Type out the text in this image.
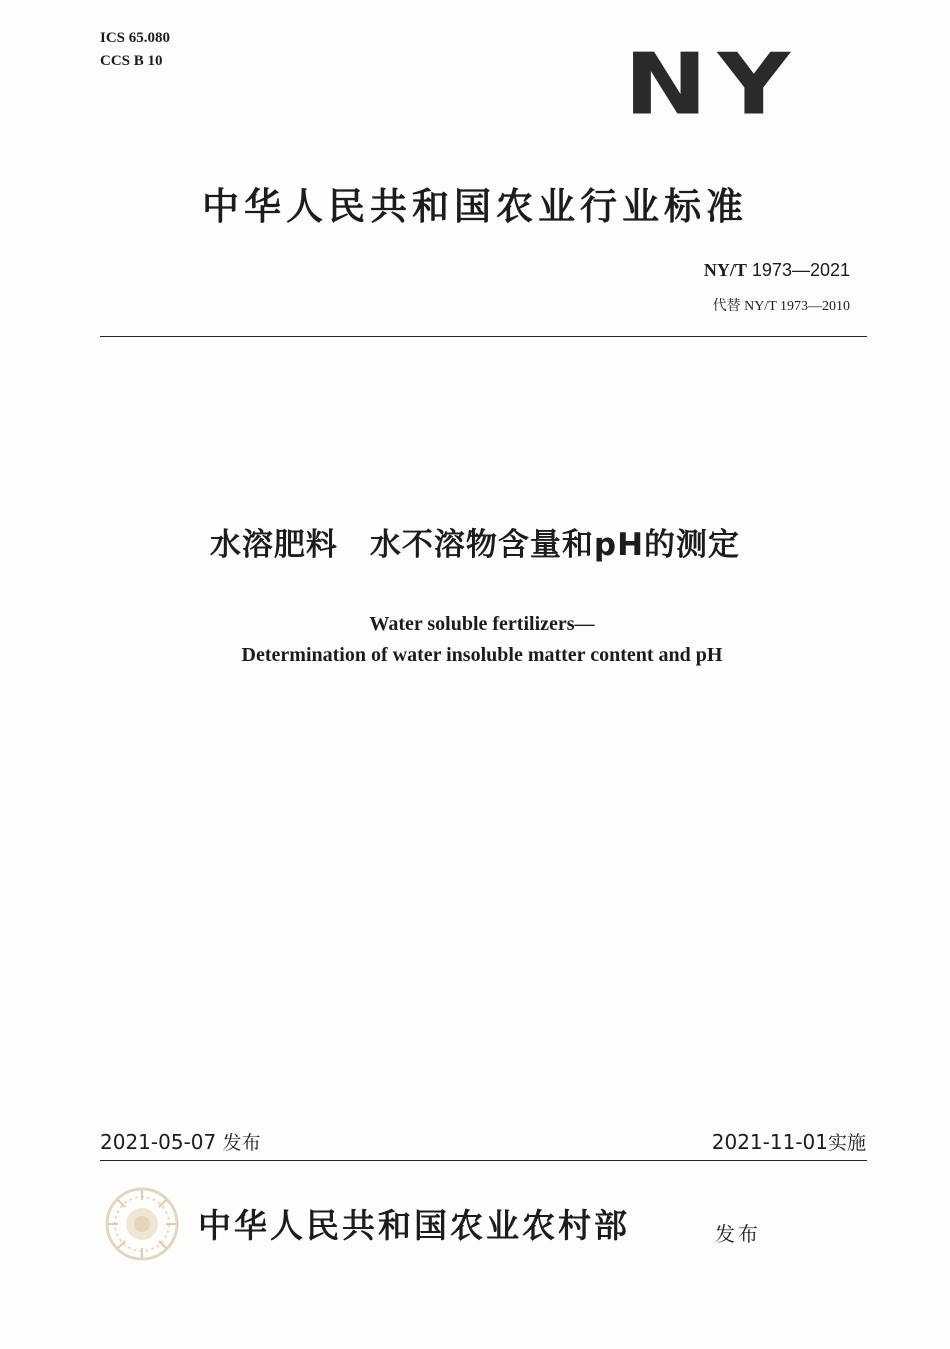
ICS 65.080
CCS B 10	NY
中华人民共和国农业行业标准
NY/T 1973—2021
代替 NY/T 1973—2010
水溶肥料　水不溶物含量和pH的测定
Water soluble fertilizers—
Determination of water insoluble matter content and pH
2021-05-07 发布	2021-11-01实施
中华人民共和国农业农村部	发布
